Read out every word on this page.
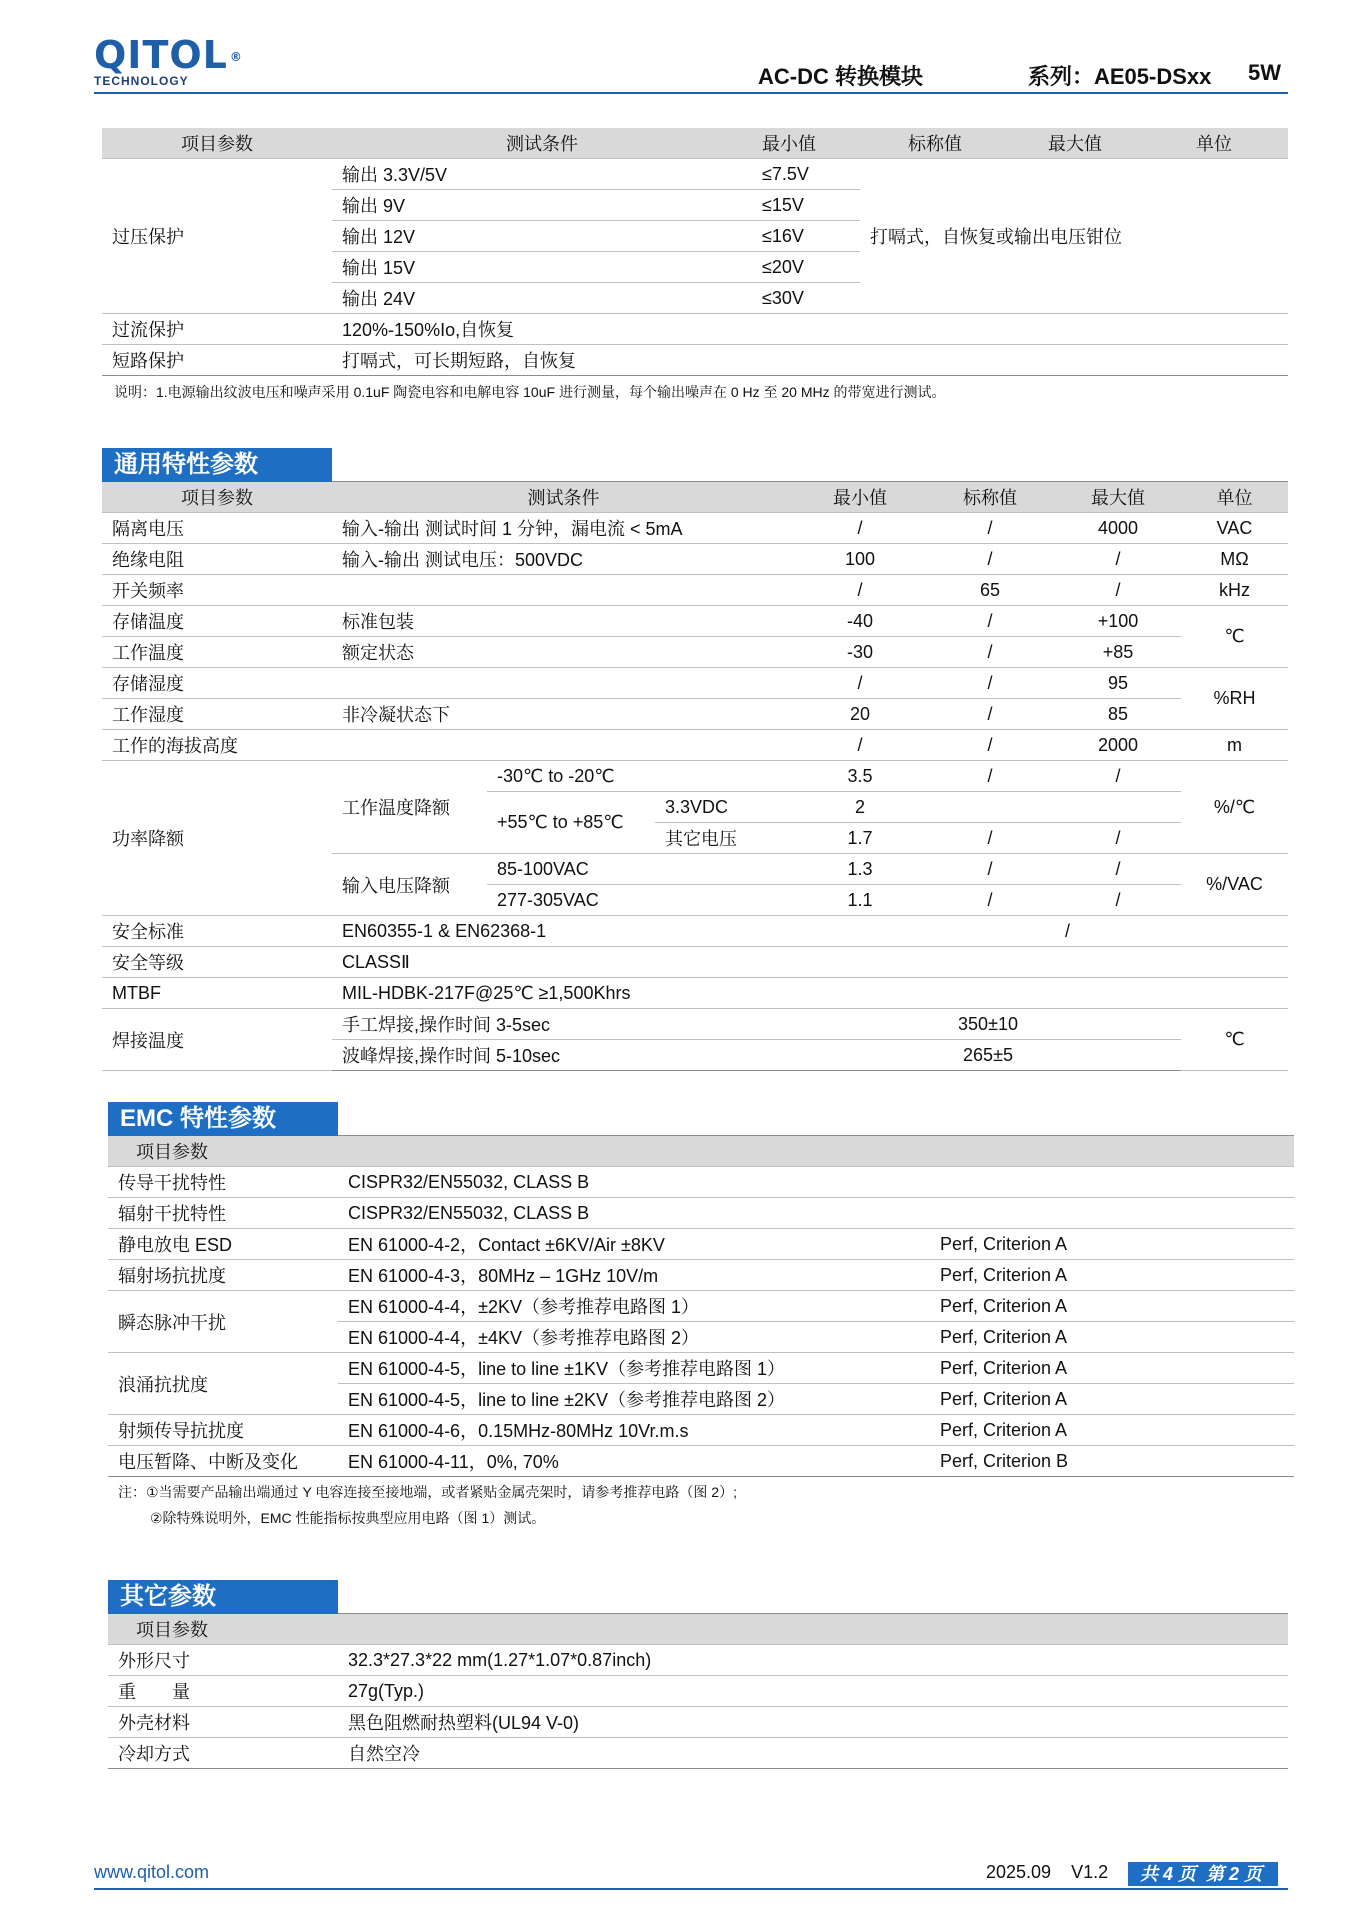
QITOL ®
TECHNOLOGY	AC-DC 转换模块	系列：AE05-DSxx 5W
项目参数	测试条件	最小值	标称值	最大值	单位
过压保护	输出 3.3V/5V	≤7.5V	打嗝式，自恢复或输出电压钳位		
	输出 9V	≤15V			
	输出 12V	≤16V			
	输出 15V	≤20V			
	输出 24V	≤30V			
过流保护	120%-150%Io,自恢复				
短路保护	打嗝式，可长期短路，自恢复				
说明：1.电源输出纹波电压和噪声采用 0.1uF 陶瓷电容和电解电容 10uF 进行测量，每个输出噪声在 0 Hz 至 20 MHz 的带宽进行测试。
通用特性参数
项目参数	测试条件			最小值	标称值	最大值	单位
隔离电压	输入-输出 测试时间 1 分钟，漏电流 < 5mA			/	/	4000	VAC
绝缘电阻	输入-输出 测试电压：500VDC			100	/	/	MΩ
开关频率				/	65	/	kHz
存储温度	标准包装			-40	/	+100	℃
工作温度	额定状态			-30	/	+85	
存储湿度				/	/	95	%RH
工作湿度	非冷凝状态下			20	/	85	
工作的海拔高度				/	/	2000	m
功率降额	工作温度降额	-30℃ to -20℃		3.5	/	/	%/℃
		+55℃ to +85℃	3.3VDC	2			
			其它电压	1.7	/	/	
	输入电压降额	85-100VAC		1.3	/	/	%/VAC
		277-305VAC		1.1	/	/	
安全标准	EN60355-1 & EN62368-1					/	
安全等级	CLASSⅡ						
MTBF	MIL-HDBK-217F@25℃ ≥1,500Khrs						
焊接温度	手工焊接,操作时间 3-5sec			350±10			℃
	波峰焊接,操作时间 5-10sec			265±5			
EMC 特性参数
项目参数		
传导干扰特性	CISPR32/EN55032, CLASS B	
辐射干扰特性	CISPR32/EN55032, CLASS B	
静电放电 ESD	EN 61000-4-2，Contact ±6KV/Air ±8KV	Perf, Criterion A
辐射场抗扰度	EN 61000-4-3，80MHz – 1GHz 10V/m	Perf, Criterion A
瞬态脉冲干扰	EN 61000-4-4，±2KV（参考推荐电路图 1）	Perf, Criterion A
	EN 61000-4-4，±4KV（参考推荐电路图 2）	Perf, Criterion A
浪涌抗扰度	EN 61000-4-5，line to line ±1KV（参考推荐电路图 1）	Perf, Criterion A
	EN 61000-4-5，line to line ±2KV（参考推荐电路图 2）	Perf, Criterion A
射频传导抗扰度	EN 61000-4-6，0.15MHz-80MHz 10Vr.m.s	Perf, Criterion A
电压暂降、中断及变化	EN 61000-4-11，0%, 70%	Perf, Criterion B
注：①当需要产品输出端通过 Y 电容连接至接地端，或者紧贴金属壳架时，请参考推荐电路（图 2）;
②除特殊说明外，EMC 性能指标按典型应用电路（图 1）测试。
其它参数
项目参数	
外形尺寸	32.3*27.3*22 mm(1.27*1.07*0.87inch)
重　　量	27g(Typ.)
外壳材料	黑色阻燃耐热塑料(UL94 V-0)
冷却方式	自然空冷
www.qitol.com	2025.09    V1.2	共 4 页  第 2 页
